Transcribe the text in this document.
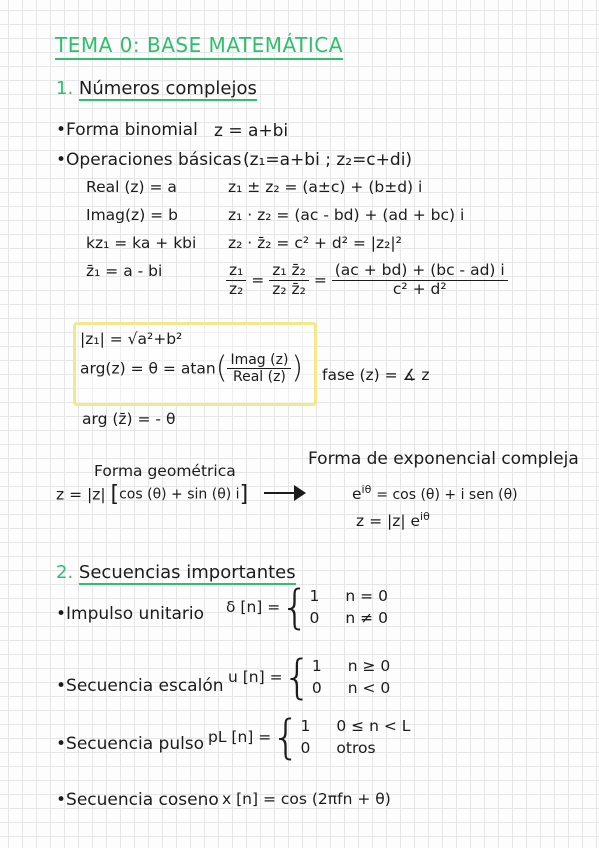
TEMA 0: BASE MATEMÁTICA
1. Números complejos
•Forma binomial z = a+bi
•Operaciones básicas (z₁=a+bi ; z₂=c+di)
Real (z) = a
Imag(z) = b
kz₁ = ka + kbi
z̄₁ = a - bi
z₁ ± z₂ = (a±c) + (b±d) i
z₁ · z₂ = (ac - bd) + (ad + bc) i
z₂ · z̄₂ = c² + d² = |z₂|²
$\frac{\text{z₁}}{\text{z₂}} = \frac{\text{z₁ z̄₂}}{\text{z₂ z̄₂}} = \frac{(ac + bd) + (bc - ad) i}{\text{c² + d²}}$
|z₁| = √a²+b²
$arg(z) = \theta = atan( \frac{\text{Imag (z)}}{\text{Real (z)}}$ ) fase (z) = ∡ z
arg (z̄) = - θ
Forma geométrica
z = |z| [cos (θ) + sin (θ) i]
Forma de exponencial compleja
$e^{i\theta} = \cos (\theta) + i$ sen (θ)
z = |z| $e^{i\theta}$
2. Secuencias importantes
•Impulso unitario δ [n] = { 1 n = 0
0 n ≠ 0
•Secuencia escalón u [n] = { 1 n ≥ 0
0 n < 0
•Secuencia pulso pL [n] = { 1 0 ≤ n < L
0 otros
•Secuencia coseno x [n] = cos (2πfn + θ)
